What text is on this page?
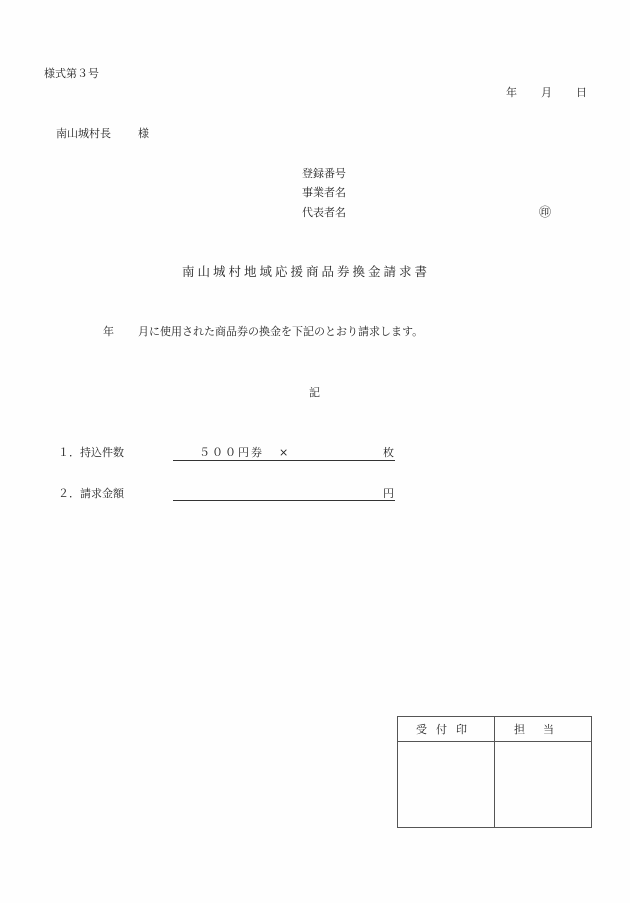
様式第３号
年 月 日
南山城村長 様
登録番号
事業者名
代表者名	㊞
南山城村地域応援商品券換金請求書
年 月に使用された商品券の換金を下記のとおり請求します。
記
１． 持込件数	５００円券 ×	枚
２． 請求金額	円
受付印	担当
